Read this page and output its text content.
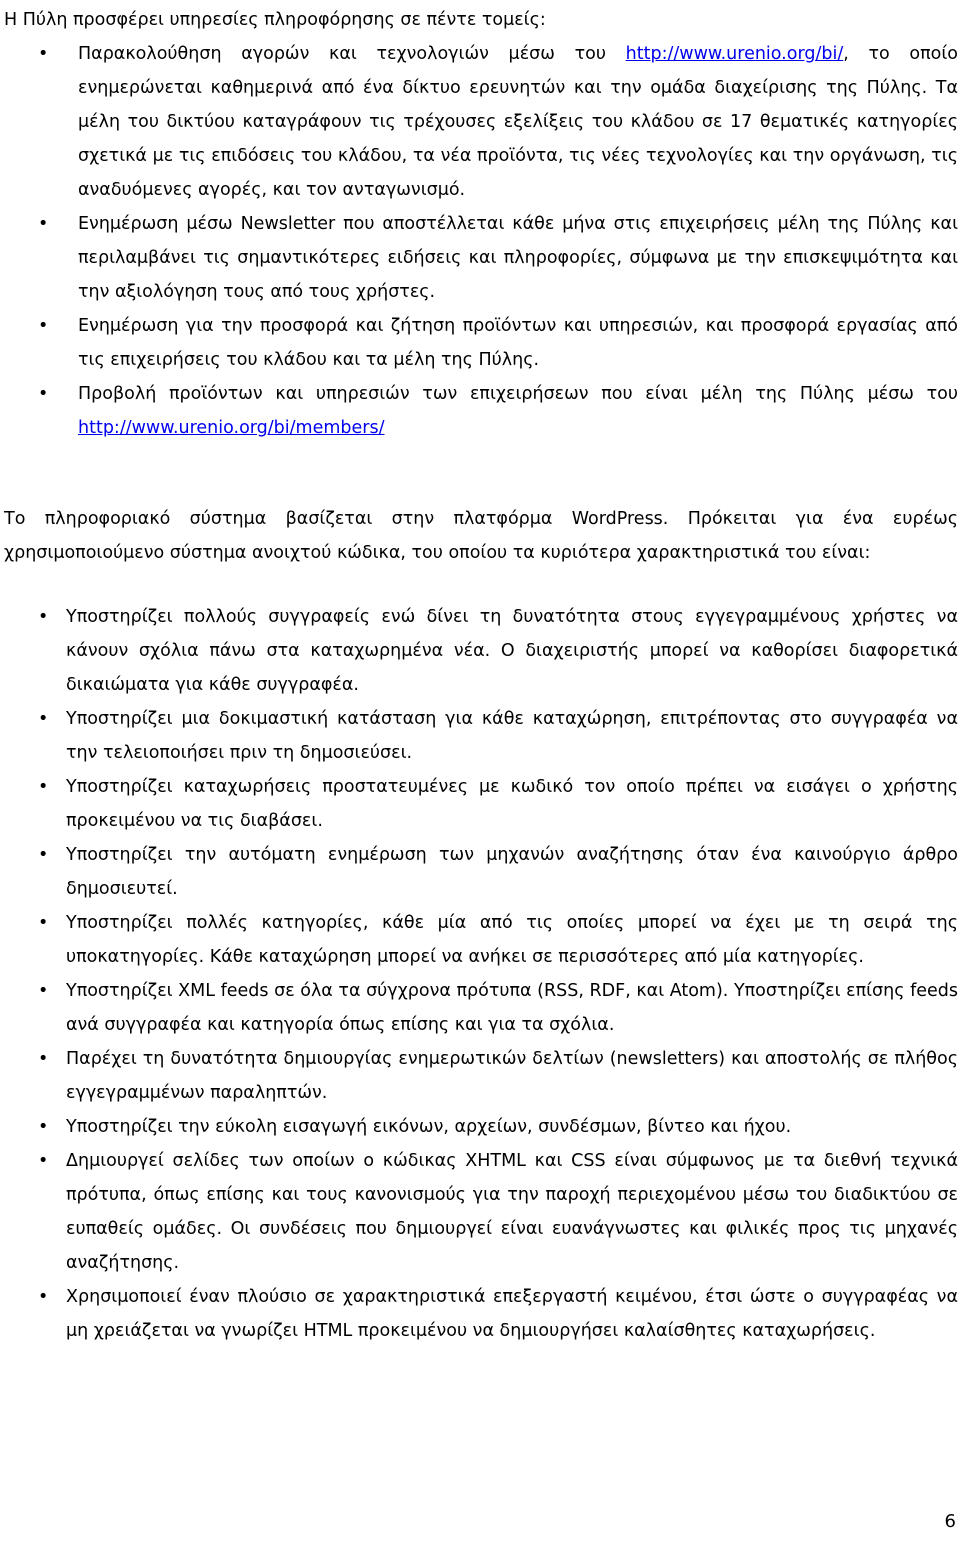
Η Πύλη προσφέρει υπηρεσίες πληροφόρησης σε πέντε τομείς:

• Παρακολούθηση αγορών και τεχνολογιών μέσω του http://www.urenio.org/bi/, το οποίο ενημερώνεται καθημερινά από ένα δίκτυο ερευνητών και την ομάδα διαχείρισης της Πύλης. Τα μέλη του δικτύου καταγράφουν τις τρέχουσες εξελίξεις του κλάδου σε 17 θεματικές κατηγορίες σχετικά με τις επιδόσεις του κλάδου, τα νέα προϊόντα, τις νέες τεχνολογίες και την οργάνωση, τις αναδυόμενες αγορές, και τον ανταγωνισμό.
• Ενημέρωση μέσω Newsletter που αποστέλλεται κάθε μήνα στις επιχειρήσεις μέλη της Πύλης και περιλαμβάνει τις σημαντικότερες ειδήσεις και πληροφορίες, σύμφωνα με την επισκεψιμότητα και την αξιολόγηση τους από τους χρήστες.
• Ενημέρωση για την προσφορά και ζήτηση προϊόντων και υπηρεσιών, και προσφορά εργασίας από τις επιχειρήσεις του κλάδου και τα μέλη της Πύλης.
• Προβολή προϊόντων και υπηρεσιών των επιχειρήσεων που είναι μέλη της Πύλης μέσω του http://www.urenio.org/bi/members/

Το πληροφοριακό σύστημα βασίζεται στην πλατφόρμα WordPress. Πρόκειται για ένα ευρέως χρησιμοποιούμενο σύστημα ανοιχτού κώδικα, του οποίου τα κυριότερα χαρακτηριστικά του είναι:

• Υποστηρίζει πολλούς συγγραφείς ενώ δίνει τη δυνατότητα στους εγγεγραμμένους χρήστες να κάνουν σχόλια πάνω στα καταχωρημένα νέα. Ο διαχειριστής μπορεί να καθορίσει διαφορετικά δικαιώματα για κάθε συγγραφέα.
• Υποστηρίζει μια δοκιμαστική κατάσταση για κάθε καταχώρηση, επιτρέποντας στο συγγραφέα να την τελειοποιήσει πριν τη δημοσιεύσει.
• Υποστηρίζει καταχωρήσεις προστατευμένες με κωδικό τον οποίο πρέπει να εισάγει ο χρήστης προκειμένου να τις διαβάσει.
• Υποστηρίζει την αυτόματη ενημέρωση των μηχανών αναζήτησης όταν ένα καινούργιο άρθρο δημοσιευτεί.
• Υποστηρίζει πολλές κατηγορίες, κάθε μία από τις οποίες μπορεί να έχει με τη σειρά της υποκατηγορίες. Κάθε καταχώρηση μπορεί να ανήκει σε περισσότερες από μία κατηγορίες.
• Υποστηρίζει XML feeds σε όλα τα σύγχρονα πρότυπα (RSS, RDF, και Atom). Υποστηρίζει επίσης feeds ανά συγγραφέα και κατηγορία όπως επίσης και για τα σχόλια.
• Παρέχει τη δυνατότητα δημιουργίας ενημερωτικών δελτίων (newsletters) και αποστολής σε πλήθος εγγεγραμμένων παραληπτών.
• Υποστηρίζει την εύκολη εισαγωγή εικόνων, αρχείων, συνδέσμων, βίντεο και ήχου.
• Δημιουργεί σελίδες των οποίων ο κώδικας XHTML και CSS είναι σύμφωνος με τα διεθνή τεχνικά πρότυπα, όπως επίσης και τους κανονισμούς για την παροχή περιεχομένου μέσω του διαδικτύου σε ευπαθείς ομάδες. Οι συνδέσεις που δημιουργεί είναι ευανάγνωστες και φιλικές προς τις μηχανές αναζήτησης.
• Χρησιμοποιεί έναν πλούσιο σε χαρακτηριστικά επεξεργαστή κειμένου, έτσι ώστε ο συγγραφέας να μη χρειάζεται να γνωρίζει HTML προκειμένου να δημιουργήσει καλαίσθητες καταχωρήσεις.
6
